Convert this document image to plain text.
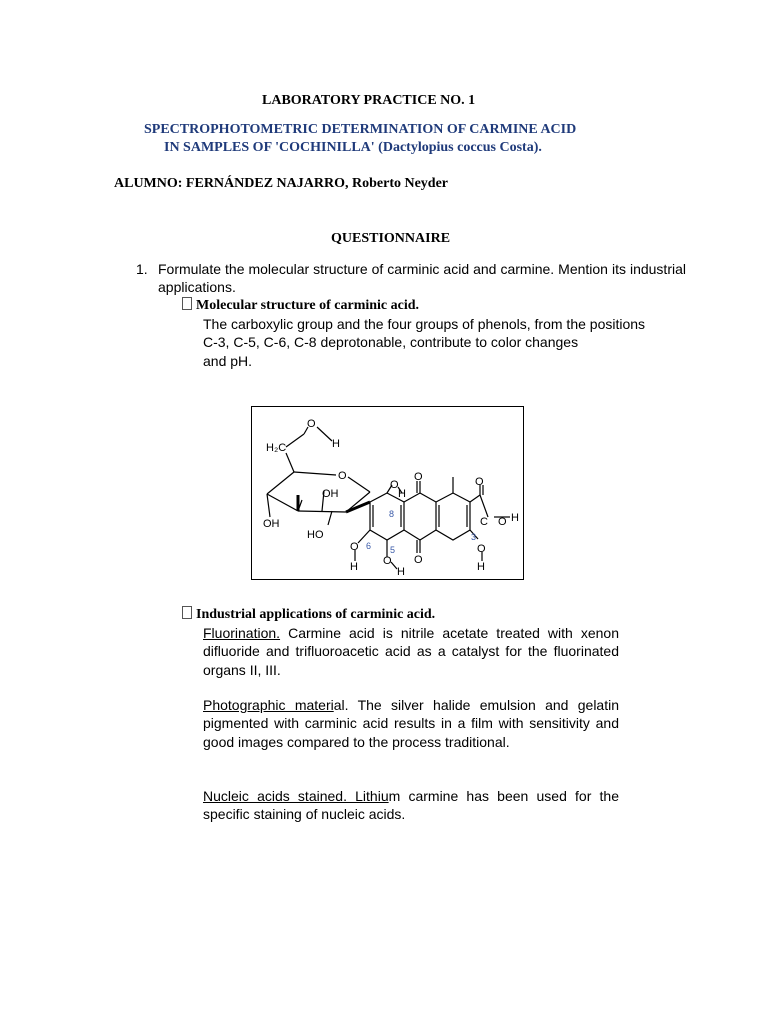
LABORATORY PRACTICE NO. 1
SPECTROPHOTOMETRIC DETERMINATION OF CARMINE ACID
IN SAMPLES OF 'COCHINILLA' (Dactylopius coccus Costa).
ALUMNO: FERNÁNDEZ NAJARRO, Roberto Neyder
QUESTIONNAIRE
1. Formulate the molecular structure of carminic acid and carmine. Mention its industrial applications.
Molecular structure of carminic acid.
The carboxylic group and the four groups of phenols, from the positions
C-3, C-5, C-6, C-8 deprotonable, contribute to color changes
and pH.
H₂C
O
H
O
OH
OH
HO
O
H
O
O
O
H O
H
O
C O H
O
H
8
6 5
3
Industrial applications of carminic acid.
Fluorination. Carmine acid is nitrile acetate treated with xenon difluoride and trifluoroacetic acid as a catalyst for the fluorinated organs II, III.
Photographic material. The silver halide emulsion and gelatin pigmented with carminic acid results in a film with sensitivity and good images compared to the process traditional.
Nucleic acids stained. Lithium carmine has been used for the specific staining of nucleic acids.
